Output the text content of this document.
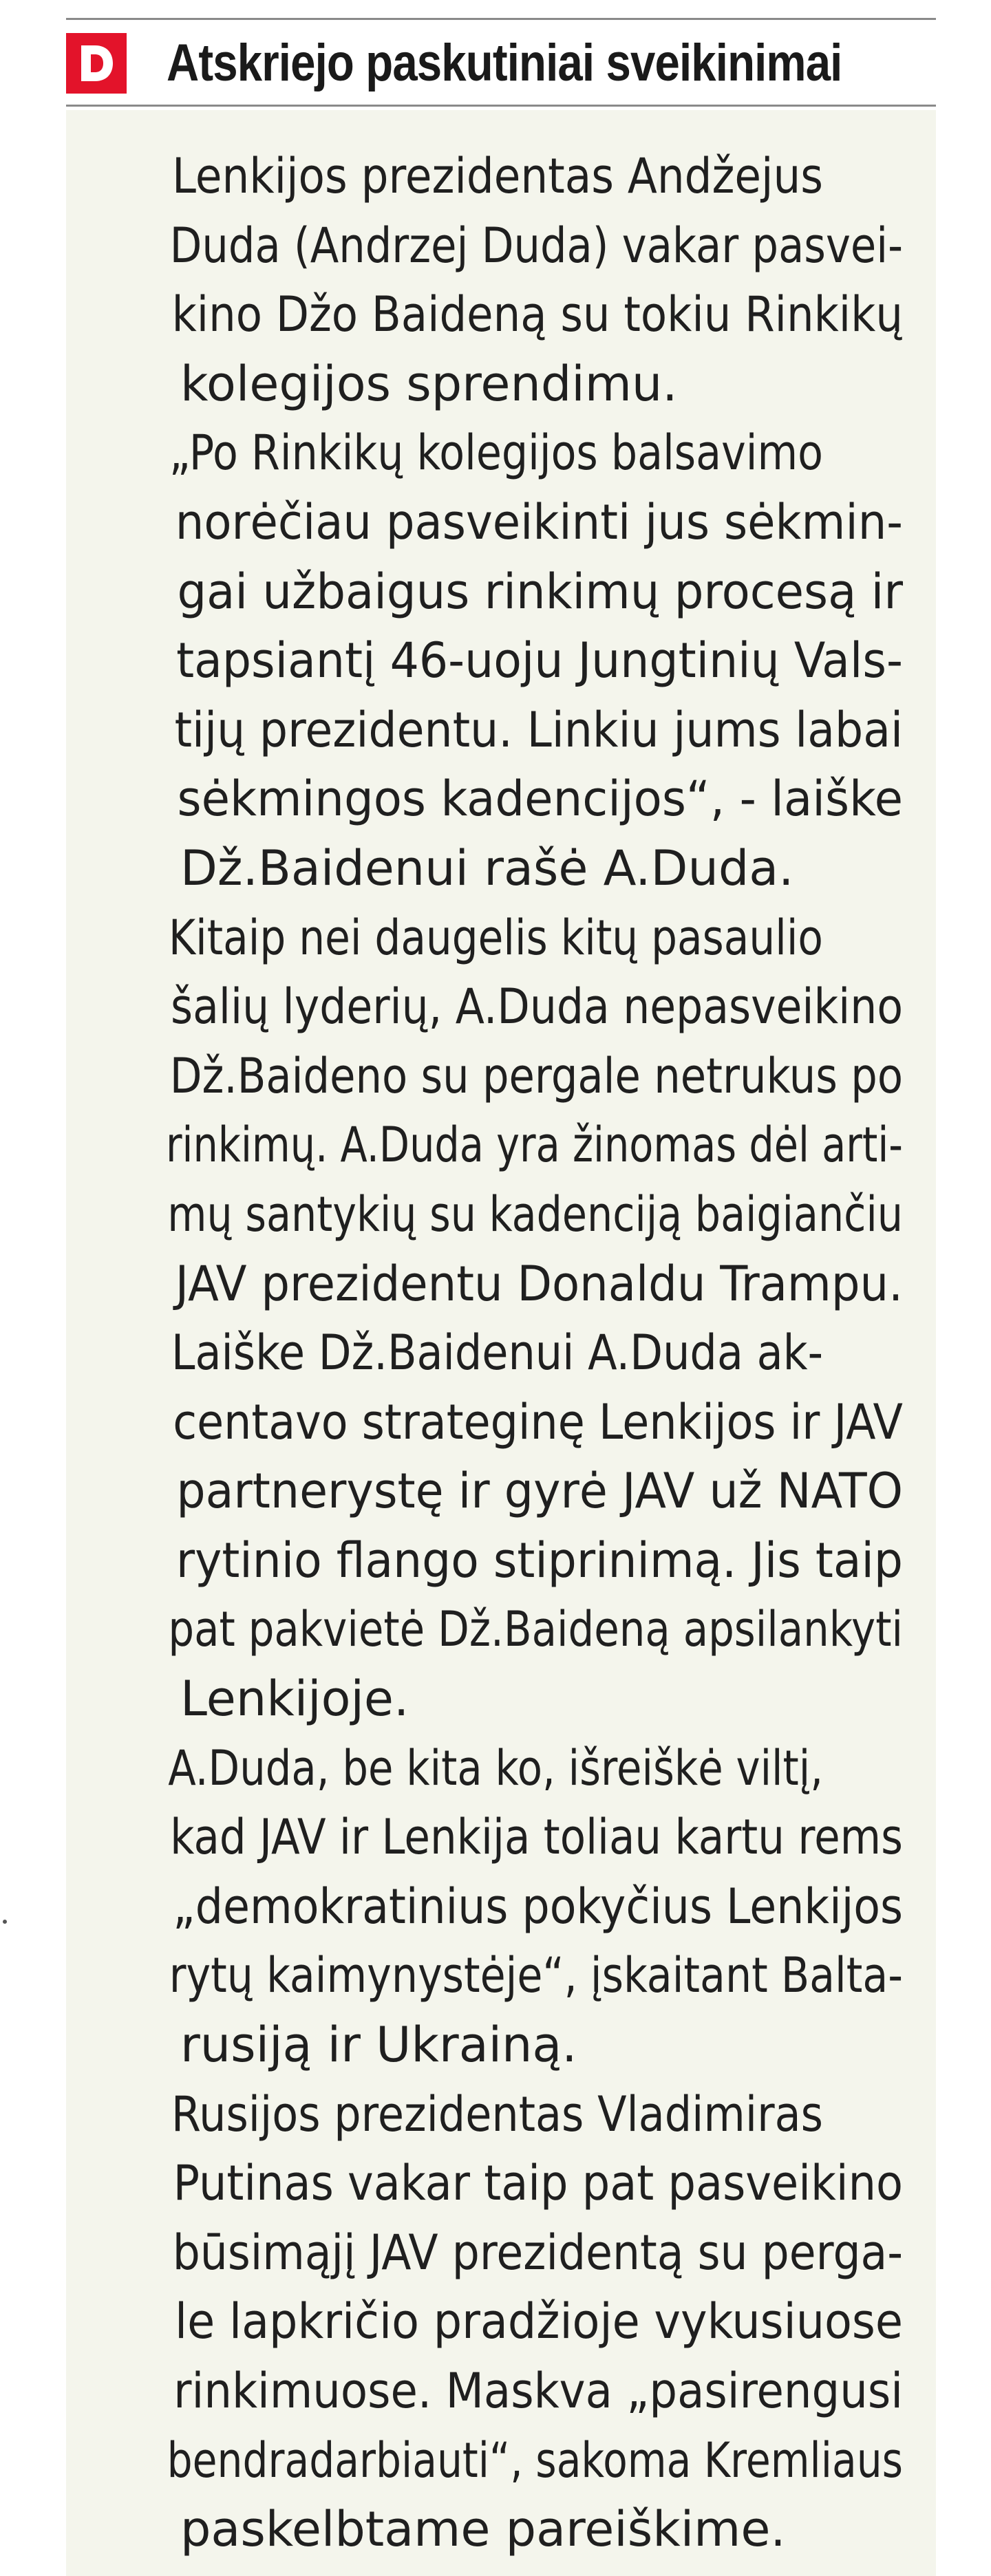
Atskriejo paskutiniai sveikinimai

Lenkijos prezidentas Andžejus
Duda (Andrzej Duda) vakar pasvei-
kino Džo Baideną su tokiu Rinkikų
kolegijos sprendimu.

„Po Rinkikų kolegijos balsavimo
norėčiau pasveikinti jus sėkmin-
gai užbaigus rinkimų procesą ir
tapsiantį 46-uoju Jungtinių Vals-
tijų prezidentu. Linkiu jums labai
sėkmingos kadencijos“, - laiške
Dž.Baidenui rašė A.Duda.

Kitaip nei daugelis kitų pasaulio
šalių lyderių, A.Duda nepasveikino
Dž.Baideno su pergale netrukus po
rinkimų. A.Duda yra žinomas dėl arti-
mų santykių su kadenciją baigiančiu
JAV prezidentu Donaldu Trampu.

Laiške Dž.Baidenui A.Duda ak-
centavo strateginę Lenkijos ir JAV
partnerystę ir gyrė JAV už NATO
rytinio flango stiprinimą. Jis taip
pat pakvietė Dž.Baideną apsilankyti
Lenkijoje.

A.Duda, be kita ko, išreiškė viltį,
kad JAV ir Lenkija toliau kartu rems
„demokratinius pokyčius Lenkijos
rytų kaimynystėje“, įskaitant Balta-
rusiją ir Ukrainą.

Rusijos prezidentas Vladimiras
Putinas vakar taip pat pasveikino
būsimąjį JAV prezidentą su perga-
le lapkričio pradžioje vykusiuose
rinkimuose. Maskva „pasirengusi
bendradarbiauti“, sakoma Kremliaus
paskelbtame pareiškime.
